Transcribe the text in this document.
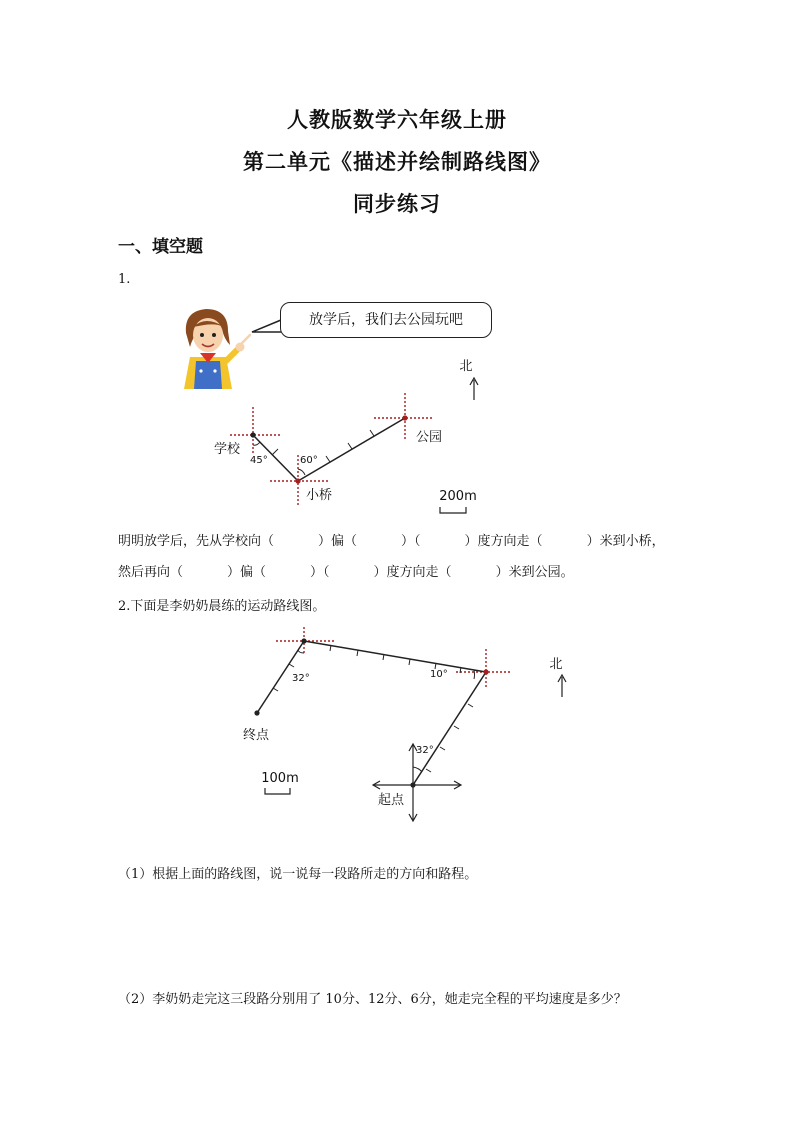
人教版数学六年级上册
第二单元《描述并绘制路线图》
同步练习
一、填空题
1.
放学后，我们去公园玩吧
北
学校
45°	60°
小桥
公园
200m
明明放学后，先从学校向（	）偏（	）（	）度方向走（	）米到小桥，
然后再向（	）偏（	）（	）度方向走（	）米到公园。
2.下面是李奶奶晨练的运动路线图。
32°	10°
32°
终点
起点
北
100m
（1）根据上面的路线图，说一说每一段路所走的方向和路程。
（2）李奶奶走完这三段路分别用了 10分、12分、6分，她走完全程的平均速度是多少？
